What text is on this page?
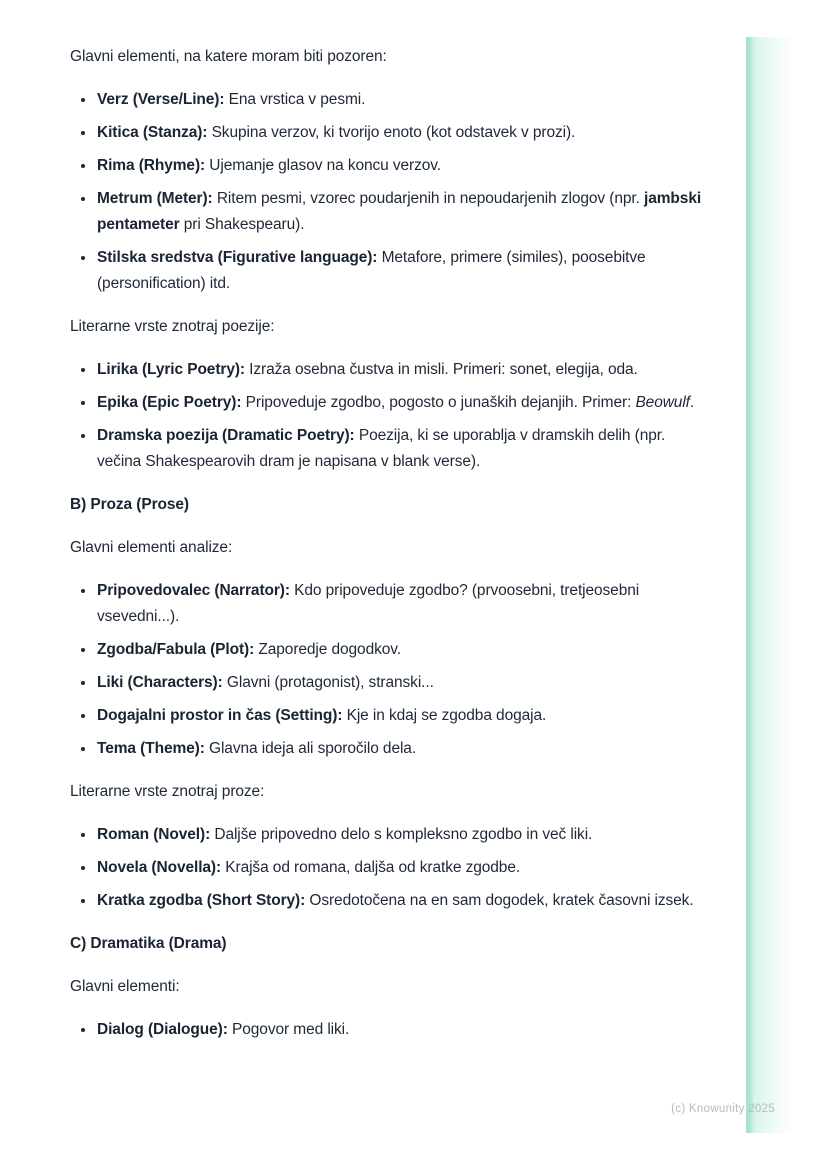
Glavni elementi, na katere moram biti pozoren:

• Verz (Verse/Line): Ena vrstica v pesmi.
• Kitica (Stanza): Skupina verzov, ki tvorijo enoto (kot odstavek v prozi).
• Rima (Rhyme): Ujemanje glasov na koncu verzov.
• Metrum (Meter): Ritem pesmi, vzorec poudarjenih in nepoudarjenih zlogov (npr. jambski pentameter pri Shakespearu).
• Stilska sredstva (Figurative language): Metafore, primere (similes), poosebitve (personification) itd.

Literarne vrste znotraj poezije:

• Lirika (Lyric Poetry): Izraža osebna čustva in misli. Primeri: sonet, elegija, oda.
• Epika (Epic Poetry): Pripoveduje zgodbo, pogosto o junaških dejanjih. Primer: Beowulf.
• Dramska poezija (Dramatic Poetry): Poezija, ki se uporablja v dramskih delih (npr. večina Shakespearovih dram je napisana v blank verse).
B) Proza (Prose)

Glavni elementi analize:

• Pripovedovalec (Narrator): Kdo pripoveduje zgodbo? (prvoosebni, tretjeosebni vsevedni...).
• Zgodba/Fabula (Plot): Zaporedje dogodkov.
• Liki (Characters): Glavni (protagonist), stranski...
• Dogajalni prostor in čas (Setting): Kje in kdaj se zgodba dogaja.
• Tema (Theme): Glavna ideja ali sporočilo dela.

Literarne vrste znotraj proze:

• Roman (Novel): Daljše pripovedno delo s kompleksno zgodbo in več liki.
• Novela (Novella): Krajša od romana, daljša od kratke zgodbe.
• Kratka zgodba (Short Story): Osredotočena na en sam dogodek, kratek časovni izsek.
C) Dramatika (Drama)

Glavni elementi:

• Dialog (Dialogue): Pogovor med liki.
(c) Knowunity 2025
